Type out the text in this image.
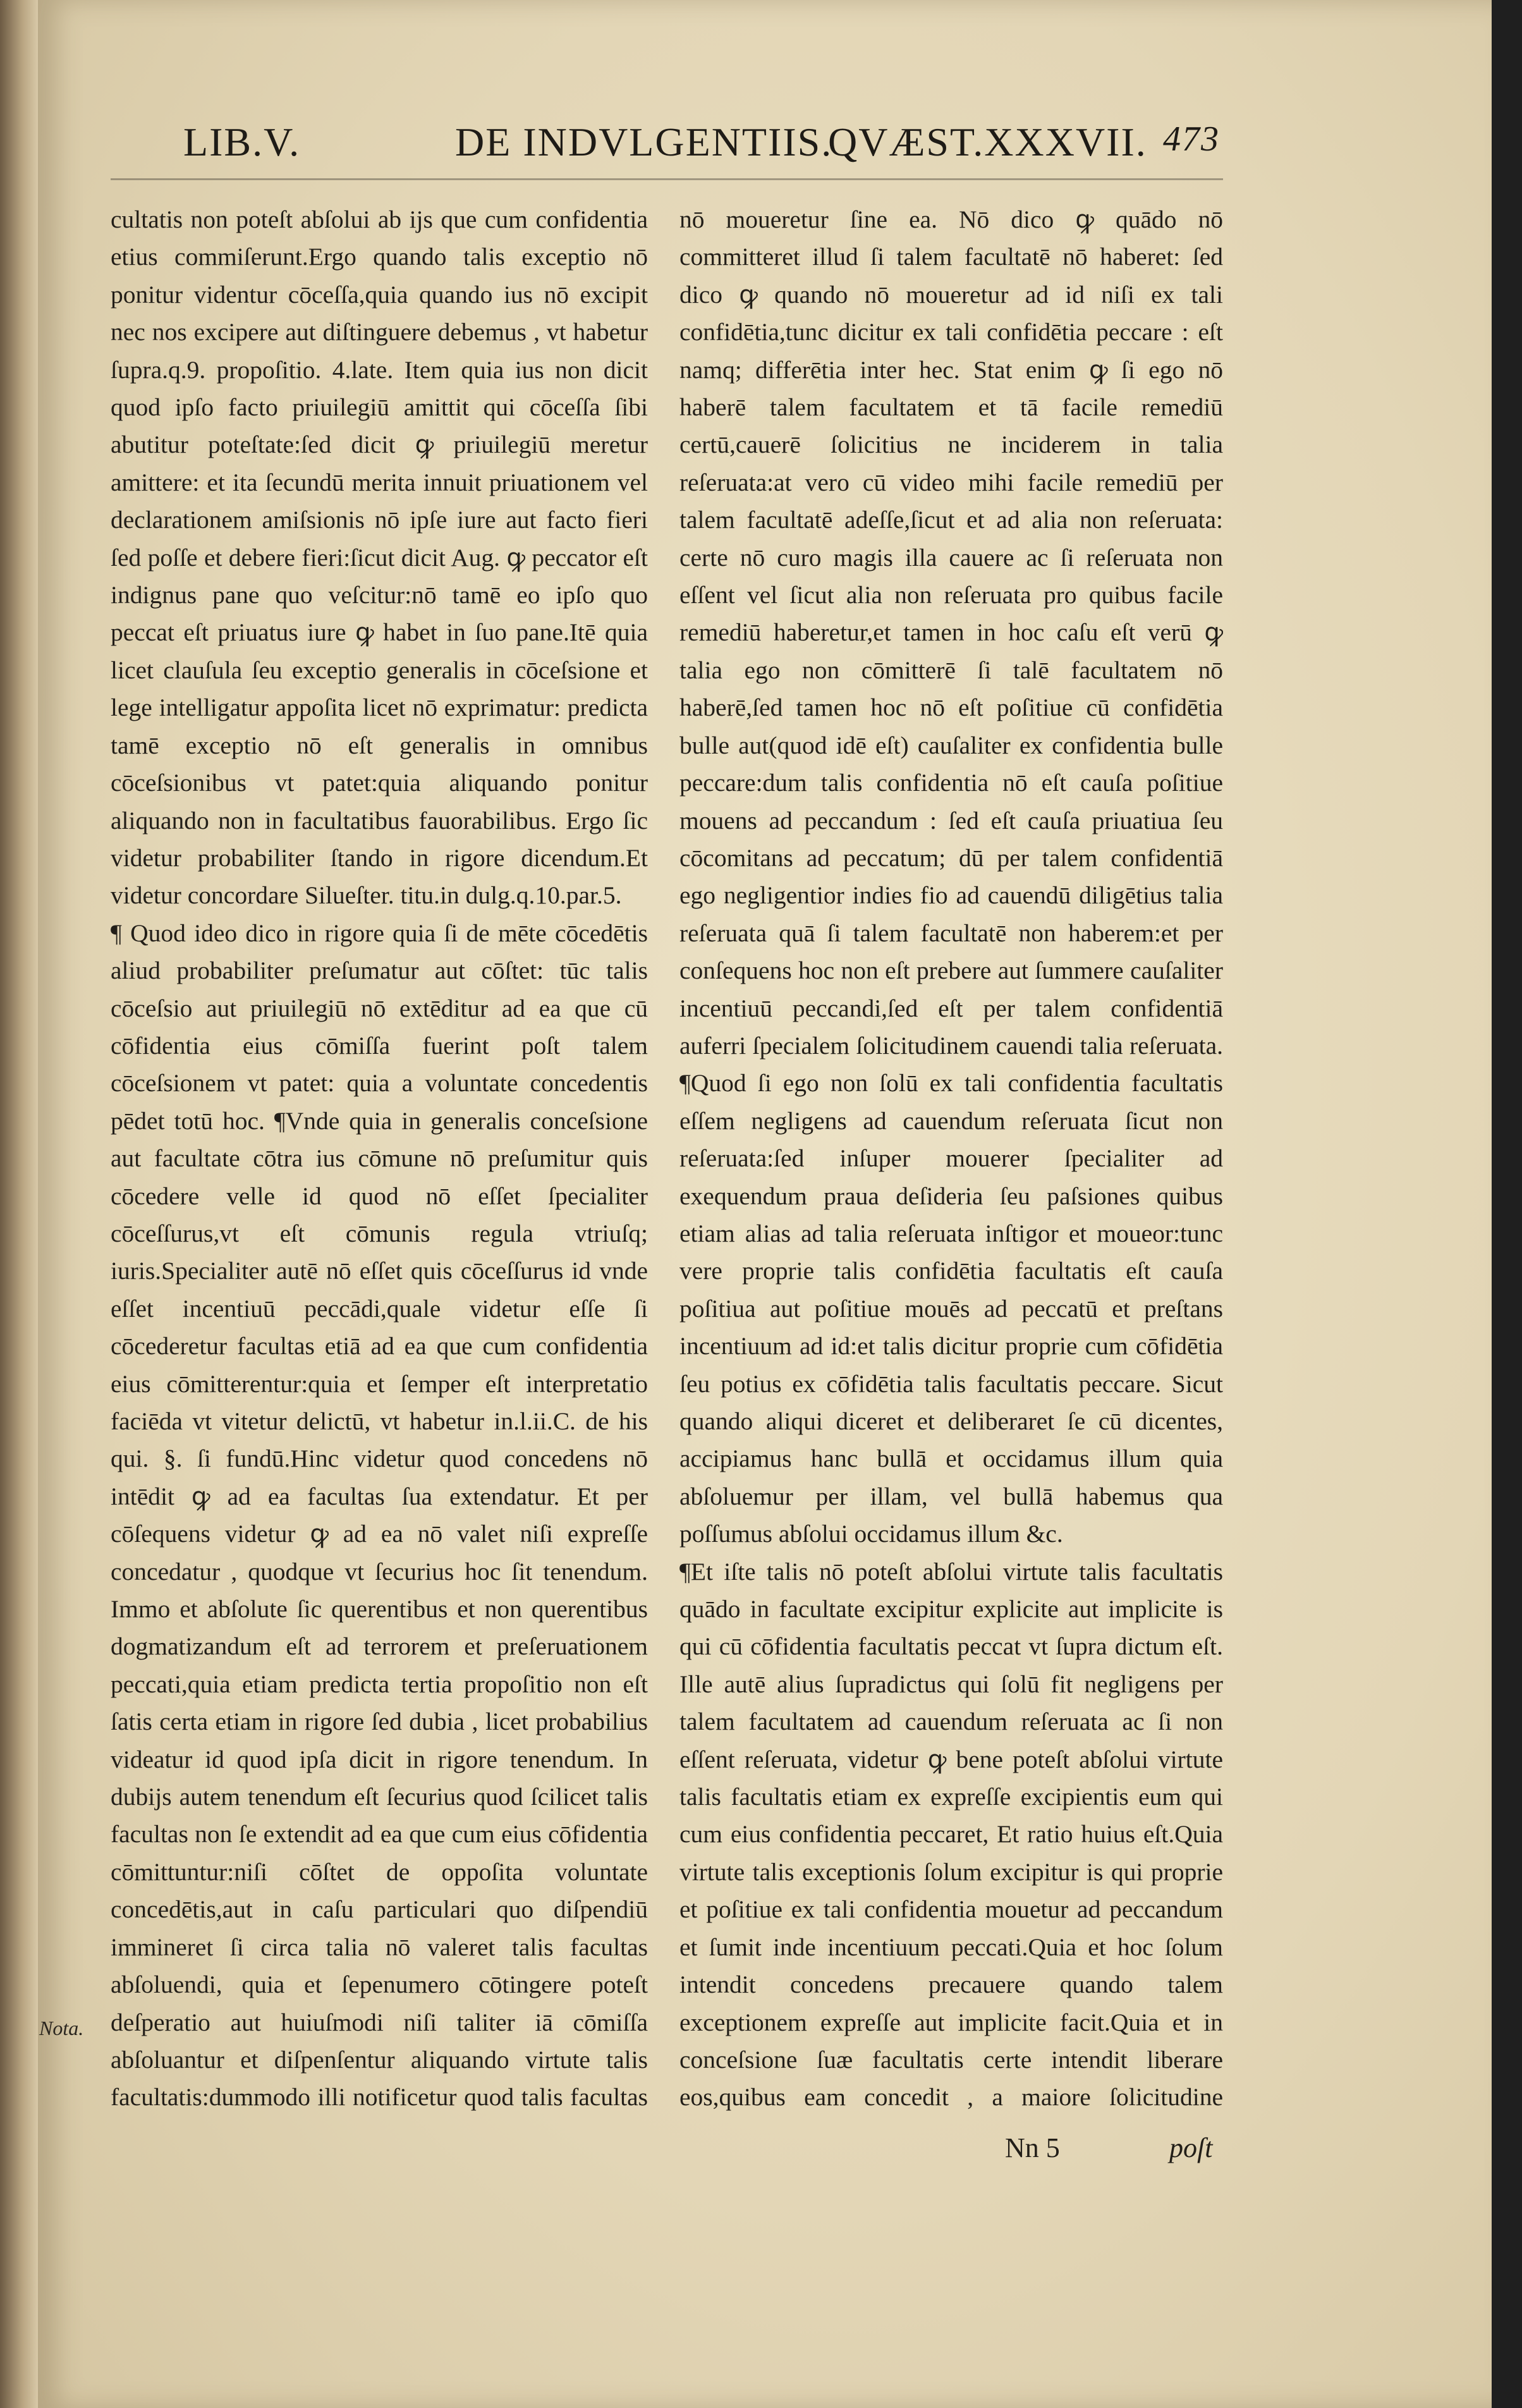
LIB.V.	DE INDVLGENTIIS.
QVÆST.XXXVII. 473

cultatis non poteſt abſolui ab ijs que cum confidentia etius commiſerunt.Ergo quando talis exceptio nō ponitur videntur cōceſſa,quia quando ius nō excipit nec nos excipere aut diſtinguere debemus , vt habetur ſupra.q.9. propoſitio. 4.late. Item quia ius non dicit quod ipſo facto priuilegiū amittit qui cōceſſa ſibi abutitur poteſtate:ſed dicit ꝙ priuilegiū meretur amittere: et ita ſecundū merita innuit priuationem vel declarationem amiſsionis nō ipſe iure aut facto fieri ſed poſſe et debere fieri:ſicut dicit Aug. ꝙ peccator eſt indignus pane quo veſcitur:nō tamē eo ipſo quo peccat eſt priuatus iure ꝙ habet in ſuo pane.Itē quia licet clauſula ſeu exceptio generalis in cōceſsione et lege intelligatur appoſita licet nō exprimatur: predicta tamē exceptio nō eſt generalis in omnibus cōceſsionibus vt patet:quia aliquando ponitur aliquando non in facultatibus fauorabilibus. Ergo ſic videtur probabiliter ſtando in rigore dicendum.Et videtur concordare Silueſter. titu.in dulg.q.10.par.5.

¶ Quod ideo dico in rigore quia ſi de mēte cōcedētis aliud probabiliter preſumatur aut cōſtet: tūc talis cōceſsio aut priuilegiū nō extēditur ad ea que cū cōfidentia eius cōmiſſa fuerint poſt talem cōceſsionem vt patet: quia a voluntate concedentis pēdet totū hoc. ¶Vnde quia in generalis conceſsione aut facultate cōtra ius cōmune nō preſumitur quis cōcedere velle id quod nō eſſet ſpecialiter cōceſſurus,vt eſt cōmunis regula vtriuſq; iuris.Specialiter autē nō eſſet quis cōceſſurus id vnde eſſet incentiuū peccādi,quale videtur eſſe ſi cōcederetur facultas etiā ad ea que cum confidentia eius cōmitterentur:quia et ſemper eſt interpretatio faciēda vt vitetur delictū, vt habetur in.l.ii.C. de his qui. §. ſi fundū.Hinc videtur quod concedens nō intēdit ꝙ ad ea facultas ſua extendatur. Et per cōſequens videtur ꝙ ad ea nō valet niſi expreſſe concedatur , quodque vt ſecurius hoc ſit tenendum. Immo et abſolute ſic querentibus et non querentibus dogmatizandum eſt ad terrorem et preſeruationem peccati,quia etiam predicta tertia propoſitio non eſt ſatis certa etiam in rigore ſed dubia , licet probabilius videatur id quod ipſa dicit in rigore tenendum. In dubijs autem tenendum eſt ſecurius quod ſcilicet talis facultas non ſe extendit ad ea que cum eius cōfidentia cōmittuntur:niſi cōſtet de oppoſita voluntate concedētis,aut in caſu particulari quo diſpendiū immineret ſi circa talia nō valeret talis facultas abſoluendi, quia et ſepenumero cōtingere poteſt deſperatio aut huiuſmodi niſi taliter iā cōmiſſa abſoluantur et diſpenſentur aliquando virtute talis facultatis:dummodo illi notificetur quod talis facultas

nō moueretur ſine ea. Nō dico ꝙ quādo nō committeret illud ſi talem facultatē nō haberet: ſed dico ꝙ quando nō moueretur ad id niſi ex tali confidētia,tunc dicitur ex tali confidētia peccare : eſt namq; differētia inter hec. Stat enim ꝙ ſi ego nō haberē talem facultatem et tā facile remediū certū,cauerē ſolicitius ne inciderem in talia reſeruata:at vero cū video mihi facile remediū per talem facultatē adeſſe,ſicut et ad alia non reſeruata: certe nō curo magis illa cauere ac ſi reſeruata non eſſent vel ſicut alia non reſeruata pro quibus facile remediū haberetur,et tamen in hoc caſu eſt verū ꝙ talia ego non cōmitterē ſi talē facultatem nō haberē,ſed tamen hoc nō eſt poſitiue cū confidētia bulle aut(quod idē eſt) cauſaliter ex confidentia bulle peccare:dum talis confidentia nō eſt cauſa poſitiue mouens ad peccandum : ſed eſt cauſa priuatiua ſeu cōcomitans ad peccatum; dū per talem confidentiā ego negligentior indies fio ad cauendū diligētius talia reſeruata quā ſi talem facultatē non haberem:et per conſequens hoc non eſt prebere aut ſummere cauſaliter incentiuū peccandi,ſed eſt per talem confidentiā auferri ſpecialem ſolicitudinem cauendi talia reſeruata. ¶Quod ſi ego non ſolū ex tali confidentia facultatis eſſem negligens ad cauendum reſeruata ſicut non reſeruata:ſed inſuper mouerer ſpecialiter ad exequendum praua deſideria ſeu paſsiones quibus etiam alias ad talia reſeruata inſtigor et moueor:tunc vere proprie talis confidētia facultatis eſt cauſa poſitiua aut poſitiue mouēs ad peccatū et preſtans incentiuum ad id:et talis dicitur proprie cum cōfidētia ſeu potius ex cōfidētia talis facultatis peccare. Sicut quando aliqui diceret et deliberaret ſe cū dicentes, accipiamus hanc bullā et occidamus illum quia abſoluemur per illam, vel bullā habemus qua poſſumus abſolui occidamus illum &c.

¶Et iſte talis nō poteſt abſolui virtute talis facultatis quādo in facultate excipitur explicite aut implicite is qui cū cōfidentia facultatis peccat vt ſupra dictum eſt. Ille autē alius ſupradictus qui ſolū fit negligens per talem facultatem ad cauendum reſeruata ac ſi non eſſent reſeruata, videtur ꝙ bene poteſt abſolui virtute talis facultatis etiam ex expreſſe excipientis eum qui cum eius confidentia peccaret, Et ratio huius eſt.Quia virtute talis exceptionis ſolum excipitur is qui proprie et poſitiue ex tali confidentia mouetur ad peccandum et ſumit inde incentiuum peccati.Quia et hoc ſolum intendit concedens precauere quando talem exceptionem expreſſe aut implicite facit.Quia et in conceſsione ſuæ facultatis certe intendit liberare eos,quibus eam concedit , a maiore ſolicitudine

Nota.
Nn 5	poſt
